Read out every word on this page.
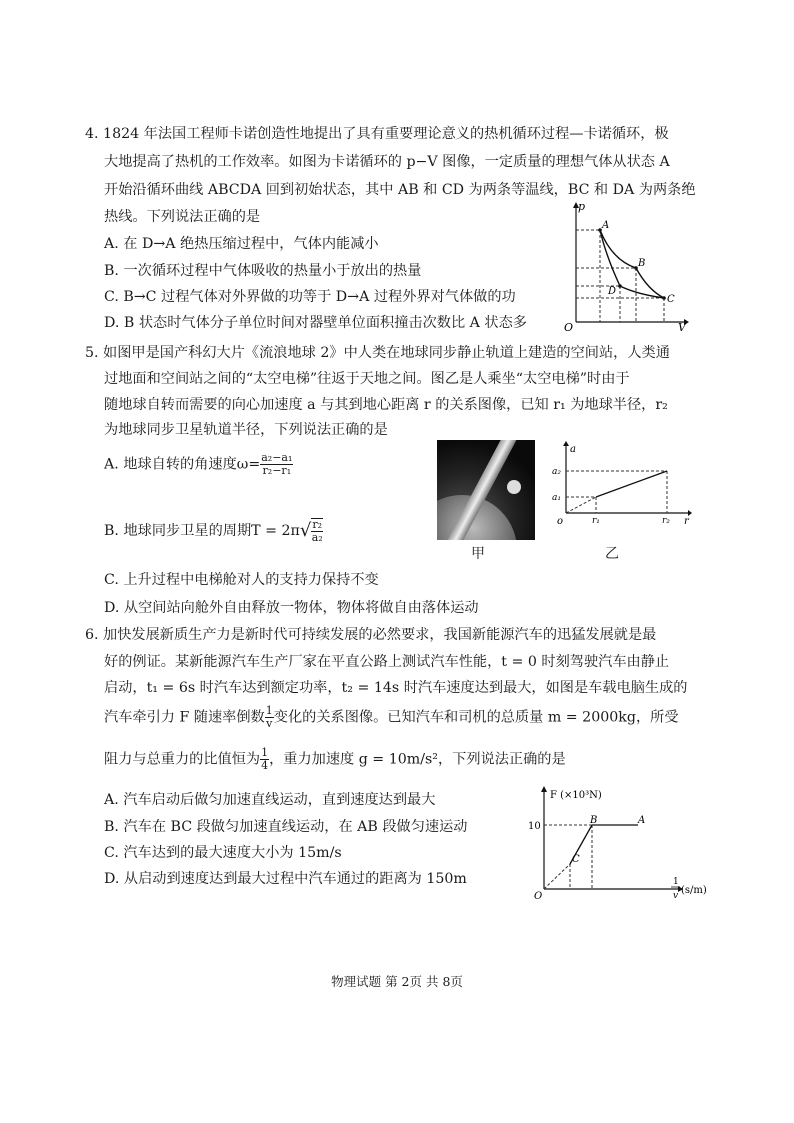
4. 1824 年法国工程师卡诺创造性地提出了具有重要理论意义的热机循环过程—卡诺循环，极
大地提高了热机的工作效率。如图为卡诺循环的 p−V 图像，一定质量的理想气体从状态 A
开始沿循环曲线 ABCDA 回到初始状态，其中 AB 和 CD 为两条等温线，BC 和 DA 为两条绝
热线。下列说法正确的是
A. 在 D→A 绝热压缩过程中，气体内能减小
B. 一次循环过程中气体吸收的热量小于放出的热量
C. B→C 过程气体对外界做的功等于 D→A 过程外界对气体做的功
D. B 状态时气体分子单位时间对器壁单位面积撞击次数比 A 状态多
p
V
O
A
B
C
D
5. 如图甲是国产科幻大片《流浪地球 2》中人类在地球同步静止轨道上建造的空间站，人类通
过地面和空间站之间的“太空电梯”往返于天地之间。图乙是人乘坐“太空电梯”时由于
随地球自转而需要的向心加速度 a 与其到地心距离 r 的关系图像，已知 r₁ 为地球半径，r₂
为地球同步卫星轨道半径，下列说法正确的是
A. 地球自转的角速度$\omega= \frac{\text{a₂−a₁}}{\text{r₂−r₁}}$
B. 地球同步卫星的周期$T = 2\pi√ \frac{\text{r₂}}{\text{a₂}}$
C. 上升过程中电梯舱对人的支持力保持不变
D. 从空间站向舱外自由释放一物体，物体将做自由落体运动
甲	乙
a
r
o
a₂
a₁
r₁	r₂
6. 加快发展新质生产力是新时代可持续发展的必然要求，我国新能源汽车的迅猛发展就是最
好的例证。某新能源汽车生产厂家在平直公路上测试汽车性能，t = 0 时刻驾驶汽车由静止
启动，t₁ = 6s 时汽车达到额定功率，t₂ = 14s 时汽车速度达到最大，如图是车载电脑生成的
汽车牵引力 F 随速率倒数 $\frac{1}{v}$ 变化的关系图像。已知汽车和司机的总质量 m = 2000kg，所受
阻力与总重力的比值恒为 $\frac{1}{4}$ ，重力加速度 g = 10m/s²，下列说法正确的是
A. 汽车启动后做匀加速直线运动，直到速度达到最大
B. 汽车在 BC 段做匀加速直线运动，在 AB 段做匀速运动
C. 汽车达到的最大速度大小为 15m/s
D. 从启动到速度达到最大过程中汽车通过的距离为 150m
F (×10³N)
10
O
A
B
C
1
v (s/m)
物理试题 第 2页 共 8页
